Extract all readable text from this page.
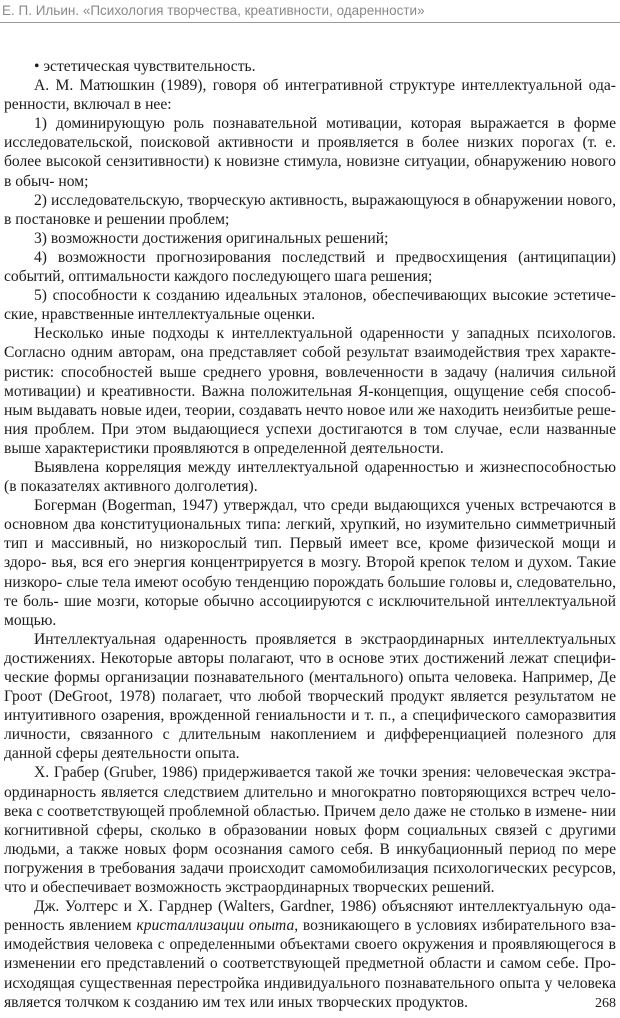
Е. П. Ильин. «Психология творчества, креативности, одаренности»

• эстетическая чувствительность.

А. М. Матюшкин (1989), говоря об интегративной структуре интеллектуальной ода- ренности, включал в нее:

1) доминирующую роль познавательной мотивации, которая выражается в форме исследовательской, поисковой активности и проявляется в более низких порогах (т. е. более высокой сензитивности) к новизне стимула, новизне ситуации, обнаружению нового в обыч- ном;

2) исследовательскую, творческую активность, выражающуюся в обнаружении нового, в постановке и решении проблем;

3) возможности достижения оригинальных решений;

4) возможности прогнозирования последствий и предвосхищения (антиципации) событий, оптимальности каждого последующего шага решения;

5) способности к созданию идеальных эталонов, обеспечивающих высокие эстетиче- ские, нравственные интеллектуальные оценки.

Несколько иные подходы к интеллектуальной одаренности у западных психологов. Согласно одним авторам, она представляет собой результат взаимодействия трех характе- ристик: способностей выше среднего уровня, вовлеченности в задачу (наличия сильной мотивации) и креативности. Важна положительная Я-концепция, ощущение себя способ- ным выдавать новые идеи, теории, создавать нечто новое или же находить неизбитые реше- ния проблем. При этом выдающиеся успехи достигаются в том случае, если названные выше характеристики проявляются в определенной деятельности.

Выявлена корреляция между интеллектуальной одаренностью и жизнеспособностью (в показателях активного долголетия).

Богерман (Bogerman, 1947) утверждал, что среди выдающихся ученых встречаются в основном два конституциональных типа: легкий, хрупкий, но изумительно симметричный тип и массивный, но низкорослый тип. Первый имеет все, кроме физической мощи и здоро- вья, вся его энергия концентрируется в мозгу. Второй крепок телом и духом. Такие низкоро- слые тела имеют особую тенденцию порождать большие головы и, следовательно, те боль- шие мозги, которые обычно ассоциируются с исключительной интеллектуальной мощью.

Интеллектуальная одаренность проявляется в экстраординарных интеллектуальных достижениях. Некоторые авторы полагают, что в основе этих достижений лежат специфи- ческие формы организации познавательного (ментального) опыта человека. Например, Де Гроот (DeGroot, 1978) полагает, что любой творческий продукт является результатом не интуитивного озарения, врожденной гениальности и т. п., а специфического саморазвития личности, связанного с длительным накоплением и дифференциацией полезного для данной сферы деятельности опыта.

Х. Грабер (Gruber, 1986) придерживается такой же точки зрения: человеческая экстра- ординарность является следствием длительно и многократно повторяющихся встреч чело- века с соответствующей проблемной областью. Причем дело даже не столько в измене- нии когнитивной сферы, сколько в образовании новых форм социальных связей с другими людьми, а также новых форм осознания самого себя. В инкубационный период по мере погружения в требования задачи происходит самомобилизация психологических ресурсов, что и обеспечивает возможность экстраординарных творческих решений.

Дж. Уолтерс и Х. Гарднер (Walters, Gardner, 1986) объясняют интеллектуальную ода- ренность явлением кристаллизации опыта, возникающего в условиях избирательного вза- имодействия человека с определенными объектами своего окружения и проявляющегося в изменении его представлений о соответствующей предметной области и самом себе. Про- исходящая существенная перестройка индивидуального познавательного опыта у человека является толчком к созданию им тех или иных творческих продуктов.	268
